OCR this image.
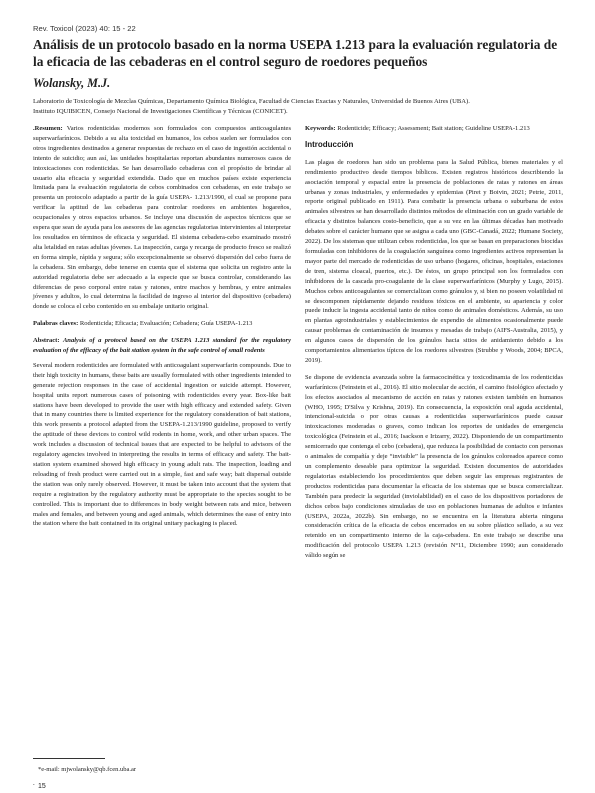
Rev. Toxicol (2023) 40: 15 - 22
Análisis de un protocolo basado en la norma USEPA 1.213 para la evaluación regulatoria de la eficacia de las cebaderas en el control seguro de roedores pequeños
Wolansky, M.J.
Laboratorio de Toxicología de Mezclas Químicas, Departamento Química Biológica, Facultad de Ciencias Exactas y Naturales, Universidad de Buenos Aires (UBA).
Instituto IQUIBICEN, Consejo Nacional de Investigaciones Científicas y Técnicas (CONICET).

.Resumen: Varios rodenticidas modernos son formulados con compuestos anticoagulantes superwarfarínicos. Debido a su alta toxicidad en humanos, los cebos suelen ser formulados con otros ingredientes destinados a generar respuestas de rechazo en el caso de ingestión accidental o intento de suicidio; aun así, las unidades hospitalarias reportan abundantes numerosos casos de intoxicaciones con rodenticidas. Se han desarrollado cebaderas con el propósito de brindar al usuario alta eficacia y seguridad extendida. Dado que en muchos países existe experiencia limitada para la evaluación regulatoria de cebos combinados con cebaderas, en este trabajo se presenta un protocolo adaptado a partir de la guía USEPA- 1.213/1990, el cual se propone para verificar la aptitud de las cebaderas para controlar roedores en ambientes hogareños, ocupacionales y otros espacios urbanos. Se incluye una discusión de aspectos técnicos que se espera que sean de ayuda para los asesores de las agencias regulatorias intervinientes al interpretar los resultados en términos de eficacia y seguridad. El sistema cebadera-cebo examinado mostró alta letalidad en ratas adultas jóvenes. La inspección, carga y recarga de producto fresco se realizó en forma simple, rápida y segura; sólo excepcionalmente se observó dispersión del cebo fuera de la cebadera. Sin embargo, debe tenerse en cuenta que el sistema que solicita un registro ante la autoridad regulatoria debe ser adecuado a la especie que se busca controlar, considerando las diferencias de peso corporal entre ratas y ratones, entre machos y hembras, y entre animales jóvenes y adultos, lo cual determina la facilidad de ingreso al interior del dispositivo (cebadera) donde se coloca el cebo contenido en su embalaje unitario original.

Palabras claves: Rodenticida; Eficacia; Evaluación; Cebadera; Guía USEPA-1.213

Abstract: Analysis of a protocol based on the USEPA 1.213 standard for the regulatory evaluation of the efficacy of the bait station system in the safe control of small rodents

Several modern rodenticides are formulated with anticoagulant superwarfarin compounds. Due to their high toxicity in humans, these baits are usually formulated with other ingredients intended to generate rejection responses in the case of accidental ingestion or suicide attempt. However, hospital units report numerous cases of poisoning with rodenticides every year. Box-like bait stations have been developed to provide the user with high efficacy and extended safety. Given that in many countries there is limited experience for the regulatory consideration of bait stations, this work presents a protocol adapted from the USEPA-1.213/1990 guideline, proposed to verify the aptitude of these devices to control wild rodents in home, work, and other urban spaces. The work includes a discussion of technical issues that are expected to be helpful to advisors of the regulatory agencies involved in interpreting the results in terms of efficacy and safety. The bait-station system examined showed high efficacy in young adult rats. The inspection, loading and reloading of fresh product were carried out in a simple, fast and safe way; bait dispersal outside the station was only rarely observed. However, it must be taken into account that the system that require a registration by the regulatory authority must be appropriate to the species sought to be controlled. This is important due to differences in body weight between rats and mice, between males and females, and between young and aged animals, which determines the ease of entry into the station where the bait contained in its original unitary packaging is placed.

Keywords: Rodenticide; Efficacy; Assessment; Bait station; Guideline USEPA-1.213

Introducción

Las plagas de roedores han sido un problema para la Salud Pública, bienes materiales y el rendimiento productivo desde tiempos bíblicos. Existen registros históricos describiendo la asociación temporal y espacial entre la presencia de poblaciones de ratas y ratones en áreas urbanas y zonas industriales, y enfermedades y epidemias (Piret y Boivin, 2021; Petrie, 2011, reporte original publicado en 1911). Para combatir la presencia urbana o suburbana de estos animales silvestres se han desarrollado distintos métodos de eliminación con un grado variable de eficacia y distintos balances costo-beneficio, que a su vez en las últimas décadas han motivado debates sobre el carácter humano que se asigna a cada uno (GBC-Canadá, 2022; Humane Society, 2022). De los sistemas que utilizan cebos rodenticidas, los que se basan en preparaciones biocidas formuladas con inhibidores de la coagulación sanguínea como ingredientes activos representan la mayor parte del mercado de rodenticidas de uso urbano (hogares, oficinas, hospitales, estaciones de tren, sistema cloacal, puertos, etc.). De éstos, un grupo principal son los formulados con inhibidores de la cascada pro-coagulante de la clase superwarfarínicos (Murphy y Lugo, 2015). Muchos cebos anticoagulantes se comercializan como gránulos y, si bien no poseen volatilidad ni se descomponen rápidamente dejando residuos tóxicos en el ambiente, su apariencia y color puede inducir la ingesta accidental tanto de niños como de animales domésticos. Además, su uso en plantas agroindustriales y establecimientos de expendio de alimentos ocasionalmente puede causar problemas de contaminación de insumos y mesadas de trabajo (AIFS-Australia, 2015), y en algunos casos de dispersión de los gránulos hacia sitios de anidamiento debido a los comportamientos alimentarios típicos de los roedores silvestres (Strubbe y Woods, 2004; BPCA, 2019).

Se dispone de evidencia avanzada sobre la farmacocinética y toxicodinamia de los rodenticidas warfarínicos (Feinstein et al., 2016). El sitio molecular de acción, el camino fisiológico afectado y los efectos asociados al mecanismo de acción en ratas y ratones existen también en humanos (WHO, 1995; D'Silva y Krishna, 2019). En consecuencia, la exposición oral aguda accidental, intencional-suicida o por otras causas a rodenticidas superwarfarínicos puede causar intoxicaciones moderadas o graves, como indican los reportes de unidades de emergencia toxicológica (Feinstein et al., 2016; Isackson e Irizarry, 2022). Disponiendo de un compartimento semicerrado que contenga el cebo (cebadera), que reduzca la posibilidad de contacto con personas o animales de compañía y deje “invisible” la presencia de los gránulos coloreados aparece como un complemento deseable para optimizar la seguridad. Existen documentos de autoridades regulatorias estableciendo los procedimientos que deben seguir las empresas registrantes de productos rodenticidas para documentar la eficacia de los sistemas que se busca comercializar. También para predecir la seguridad (inviolabilidad) en el caso de los dispositivos portadores de dichos cebos bajo condiciones simuladas de uso en poblaciones humanas de adultos e infantes (USEPA, 2022a, 2022b). Sin embargo, no se encuentra en la literatura abierta ninguna consideración crítica de la eficacia de cebos encerrados en su sobre plástico sellado, a su vez retenido en un compartimento interno de la caja-cebadera. En este trabajo se describe una modificación del protocolo USEPA 1.213 (revisión N°11, Diciembre 1990; aun considerado válido según se

*e-mail: mjwolansky@qb.fcen.uba.ar
. 15
